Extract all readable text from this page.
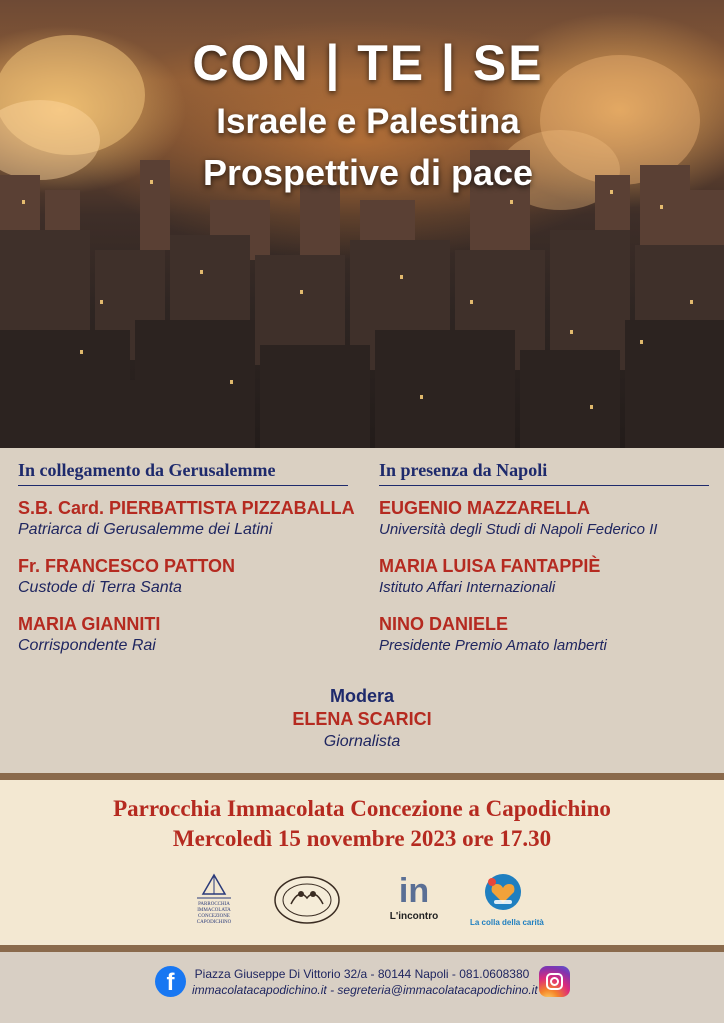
CON | TE | SE
Israele e Palestina
Prospettive di pace
In collegamento da Gerusalemme
S.B. Card. PIERBATTISTA PIZZABALLA
Patriarca di Gerusalemme dei Latini
Fr. FRANCESCO PATTON
Custode di Terra Santa
MARIA GIANNITI
Corrispondente Rai
In presenza da Napoli
EUGENIO MAZZARELLA
Università degli Studi di Napoli Federico II
MARIA LUISA FANTAPPIÈ
Istituto Affari Internazionali
NINO DANIELE
Presidente Premio Amato lamberti
Modera
ELENA SCARICI
Giornalista
Parrocchia Immacolata Concezione a Capodichino
Mercoledì 15 novembre 2023 ore 17.30
PARROCCHIA
IMMACOLATA
CONCEZIONE
CAPODICHINO
in
L'incontro
La colla della carità
f	Piazza Giuseppe Di Vittorio 32/a - 80144 Napoli - 081.0608380
immacolatacapodichino.it - segreteria@immacolatacapodichino.it
